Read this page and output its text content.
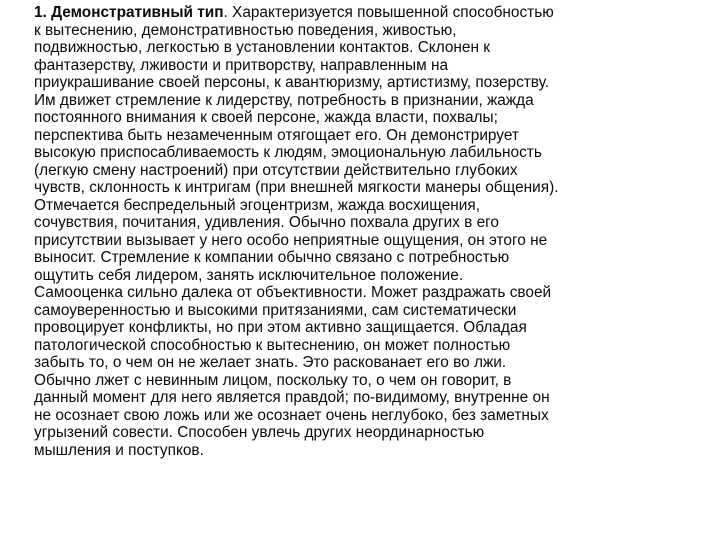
1. Демонстративный тип. Характеризуется повышенной способностью
к вытеснению, демонстративностью поведения, живостью,
подвижностью, легкостью в установлении контактов. Склонен к
фантазерству, лживости и притворству, направленным на
приукрашивание своей персоны, к авантюризму, артистизму, позерству.
Им движет стремление к лидерству, потребность в признании, жажда
постоянного внимания к своей персоне, жажда власти, похвалы;
перспектива быть незамеченным отягощает его. Он демонстрирует
высокую приспосабливаемость к людям, эмоциональную лабильность
(легкую смену настроений) при отсутствии действительно глубоких
чувств, склонность к интригам (при внешней мягкости манеры общения).
Отмечается беспредельный эгоцентризм, жажда восхищения,
сочувствия, почитания, удивления. Обычно похвала других в его
присутствии вызывает у него особо неприятные ощущения, он этого не
выносит. Стремление к компании обычно связано с потребностью
ощутить себя лидером, занять исключительное положение.
Самооценка сильно далека от объективности. Может раздражать своей
самоуверенностью и высокими притязаниями, сам систематически
провоцирует конфликты, но при этом активно защищается. Обладая
патологической способностью к вытеснению, он может полностью
забыть то, о чем он не желает знать. Это раскованает его во лжи.
Обычно лжет с невинным лицом, поскольку то, о чем он говорит, в
данный момент для него является правдой; по-видимому, внутренне он
не осознает свою ложь или же осознает очень неглубоко, без заметных
угрызений совести. Способен увлечь других неординарностью
мышления и поступков.
